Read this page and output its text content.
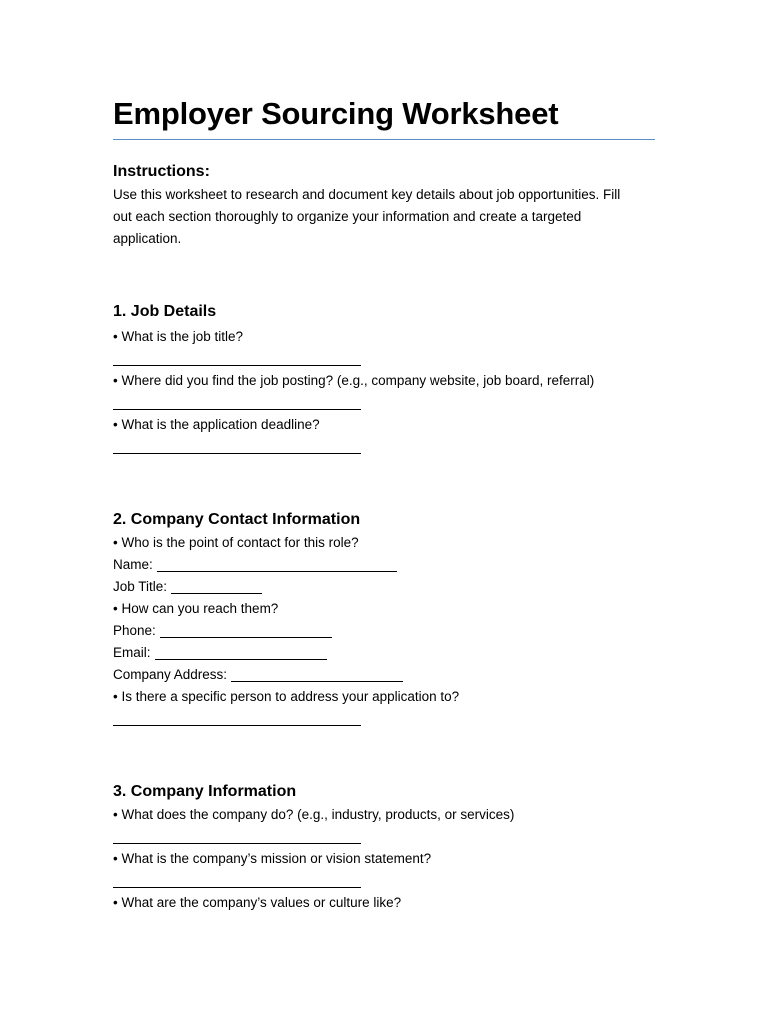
Employer Sourcing Worksheet
Instructions:

Use this worksheet to research and document key details about job opportunities. Fill

out each section thoroughly to organize your information and create a targeted

application.

1. Job Details

• What is the job title?

• Where did you find the job posting? (e.g., company website, job board, referral)

• What is the application deadline?

2. Company Contact Information

• Who is the point of contact for this role?

Name:
Job Title:

• How can you reach them?

Phone:
Email:
Company Address:

• Is there a specific person to address your application to?

3. Company Information

• What does the company do? (e.g., industry, products, or services)

• What is the company’s mission or vision statement?

• What are the company’s values or culture like?
